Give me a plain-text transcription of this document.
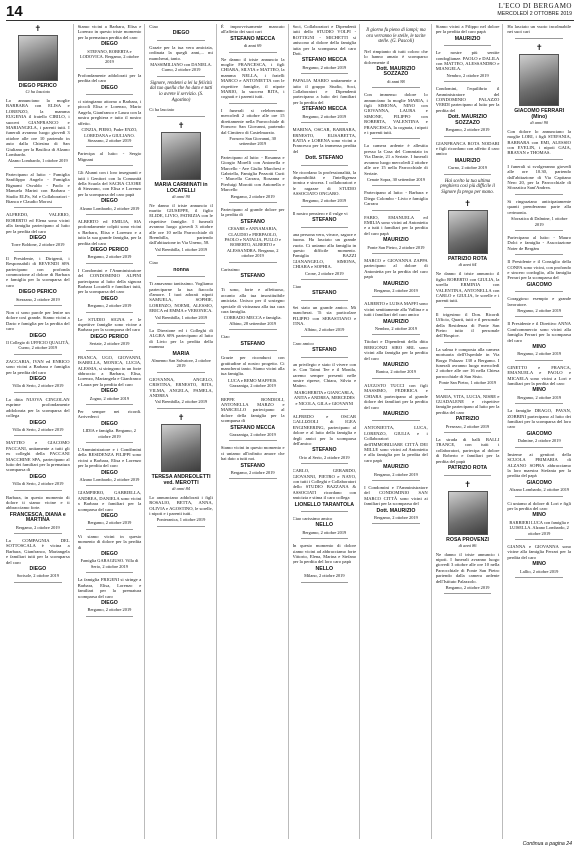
14	L'ECO DI BERGAMO
MERCOLEDÌ 2 OTTOBRE 2019
✝
DIEGO PERICO
Ci ha lasciato
Lo annunciano la moglie BARBARA con ELISA e LORENZO, la mamma EUGENIA il fratello CIRILO, i suoceri GIANFRANCO e MARIANGELA, i parenti tutti. I funerali avranno luogo giovedì 3 ottobre alle ore 10 partendo in auto dalla Chiesina di San Giuliano per la Basilica di Alzano Lombardo.
Alzano Lombardo, 1 ottobre 2019
Partecipano al lutto: - Famiglia Sanfilippo Angelo - Famiglia Bignami Osvaldo - Paolo e Manuela Marini con Barbara - Studio ELPa, Srl e Collaboratori - Bianca e Claudio Morosi
ALFREDO, VALERIO, ROBERTO ed Elena sono vicini alla famiglia partecipano al lutto per la perdita del caro
DIEGO
Torre Boldone, 2 ottobre 2019
Il Presidente, i Dirigenti, i Responsabili di REVENDI SPA partecipano con profonda commozione al dolore di Barbara e famiglia per la scomparsa del caro
DIEGO PERICO
Stezzano, 2 ottobre 2019
Non ci sono parole per lenire un dolore così grande. Siamo vicini a Dario e famiglia per la perdita del caro
DIEGO
Il Collegio di UFFICIO QUALITÀ, Curno, 2 ottobre 2019
ZACCARIA, IVAN ed ENRICO sono vicini a Barbara e famiglia per la perdita del caro
DIEGO
Villa di Serio, 2 ottobre 2019
La ditta NUOVA CINGOLAN esprime profondamente addolorata per la scomparsa del collega
DIEGO
Villa di Serio, 2 ottobre 2019
MATTEO e GIACOMO PACCANI, unitamente a tutti gli ex colleghi della PACCANI MACCHINE SPA, partecipano al lutto dei familiari per la prematura scomparsa di
DIEGO
Villa di Serio, 2 ottobre 2019
Barbara, in questo momento di dolore ti siamo vicine e ti abbracciamo forte.
FRANCESCA, DIANA e MARTINA
Bergamo, 2 ottobre 2019
La COMPAGNIA DEL SOTTOSCALA è vicina a Barbara, Gianfranco, Mariangela e familiari tutti per la scomparsa del caro
DIEGO
Sorisole, 2 ottobre 2019
Siamo vicini a Barbara, Elisa e Lorenzo in questo triste momento per la prematura perdita del caro
DIEGO
STEFANO, ROBERTA e LODOVICA. Bergamo, 2 ottobre 2019
Profondamente addolorati per la perdita del caro
DIEGO
ci stringiamo attorno a Barbara, i piccoli Elisa e Lorenzo, Mario Angela, Gianfranco e Laura con la nostra preghiera e tutto il nostro affetto.
CINZIA, PIERO, Padre ENZO, LOREDANA e GIULIANO. Stezzano, 2 ottobre 2019
Partecipa al lutto: - Sergio Mignani
Gli Alunni con i loro insegnanti e tutti i Genitori con la Comunità della Scuola del SACRA CUORE di Stezzano, con Elisa e Lorenzo per la scomparsa del caro papà
DIEGO
Alzano Lombardo, 2 ottobre 2019
ALBERTO ed EMILIA, SIA profondamente colpiti sono vicini a Barbara, Elisa e Lorenzo e a tutta la sua grande famiglia, per la perdita del caro
DIEGO PERICO
Bergamo, 2 ottobre 2019
I Condomini e l'Amministratore del CONDOMINIO ALPINI partecipano al lutto della signora Barbara Locatelli e familiari tutti, per la scomparsa del caro
DIEGO
Bergamo, 2 ottobre 2019
Le STUDIO SIGNA e le rispettive famiglie sono vicine a Barbara per la scomparsa del caro
DIEGO PERICO
Seriate, 2 ottobre 2019
FRANCA, UGO, GIOVANNI, ISABELLA, MONICA, LUCIA, ALESSIA, si stringono in un forte abbraccio a Barbara, Elisa, Lorenzo, Mariangela e Gianfranco e Laura per la perdita del caro
DIEGO
Zogno, 2 ottobre 2019
Per sempre nei ricordi. Arrivederci
DIEGO
LIDIA e famiglia. Bergamo, 2 ottobre 2019
L'Amministratore e i Condòmini della RESIDENZA FILIPPI sono vicini a Barbara, Elisa e Lorenzo per la perdita del caro
DIEGO
Alzano Lombardo, 2 ottobre 2019
GIAMPIERO, GABRIELLA, ANDREA, DANIELA sono vicini a Barbara e familiari per la scomparsa del caro
DIEGO
Bergamo, 2 ottobre 2019
Vi siamo vicini in questo momento di dolore per la perdita di
DIEGO
Famiglia GARAGIUSO. Villa di Serio, 2 ottobre 2019
La famiglia FRIGENI si stringe a Barbara, Elisa, Lorenzo e familiari per la prematura scomparsa del caro
DIEGO
Bergamo, 2 ottobre 2019
Ciao
DIEGO
Grazie per la tua vera amicizia, ordinata la quegli anni,... mi mancherai, tanto.
MASSIMILIANO con DANIELA. Curno, 2 ottobre 2019
Signore, rendetei a lei la felicità dal tuo quella che ho dato e tutti io avrete il servizio. (S. Agostino)
Ci ha lasciato
✝
MARIA CARMINATI in LOCATELLI
di anni 90
Ne danno il triste annuncio il marito GIUSEPPE, il figlio ELIDE, LIVIO, PATRIZIA con le rispettive famiglie. I funerali avranno luogo giovedì 3 ottobre alle ore 10 nella Parrocchiale di Brembilla, partendo dall'abitazione in Via Uneno, 58.
Val Brembilla, 1 ottobre 2019
Ciao
nonna
Ti amavamo tantissimo. Vogliamo parteciparne la tua fiaccola d'amore. I tuoi adorati nipoti SAMUELA, SOPHIE, LORENZO, NOEMI, ALESSIO, ERICA ed EMMA e VERONICA.
Val Brembilla, 1 ottobre 2019
La Direzione ed i Colleghi di ALGRA SPA partecipano al lutto di Livio per la perdita della mamma
MARIA
Almenno San Salvatore, 2 ottobre 2019
GIOVANNA, ANGELO, CRISTINA, ERNESTO, RITA, VILMA, ANGELA, PAMELA, ANDREA
Val Brembilla, 2 ottobre 2019
✝
TERESA ANDREOLETTI ved. MEROTTI
di anni 84
Lo annunciano addolorati i figli ROSALIO, BETTA, ANNA, OLIVIA e AGOSTINO, le sorelle, i nipoti e i parenti tutti.
Ponteranica, 1 ottobre 2019
È improvvisamente mancato all'affetto dei suoi cari
STEFANO MECCA
di anni 69
Ne danno il triste annuncio la moglie FRANCESCA, i figli CHIARA, SILVIA e MATTEO, la mamma NELLA, i fratelli MARCO e ANTONIETTA con le rispettive famiglie, il nipote MARIO, la suocera RITA, i cognati e i parenti tutti.
I funerali si celebreranno mercoledì 2 ottobre alle ore 15 direttamente nella Parrocchiale di Fornovo San Giovanni, partendo dal Cimitero di Castelmarzio.
Fornovo San Giovanni, 30 settembre 2019
Partecipano al lutto: - Rosanna e Giorgio Morelli con Antonella e Marcello - Ave Giulio Marchesi e Gabriella, Famiglia Pezzotti Curti - Marcella Carrara, Rosanna e Pierluigi Morotti con Antonella e Marcello
Bergamo, 2 ottobre 2019
Partecipano al grande dolore per la perdita di
STEFANO
CESARE e ANNAMARIA, CLAUDIO e PIERPAOLO, PAOLO e NATALIA, FULLO e ROBERTO, ALBERTO e ALESSANDRA. Bergamo, 2 ottobre 2019
Carissimo
STEFANO
Ti sono, forte e affettuoso, accanto alla tua insostituibile amicizia. Unisco per il sostegno speciale di vicinanza alla tua cara cara famiglia.
CORRADO MECCA e famiglia. Albino, 28 settembre 2019
Ciao
STEFANO
Grazie per ricondurci con gratitudine al nostro progetto. Ci mancherai tanto. Siamo vicini alla tua famiglia.
LUCA e REMO MAFFEIS. Gazzaniga, 2 ottobre 2019
BEPPE BONDIOLI, ANTONELLA MARZO e MARCELLO partecipano al dolore della famiglia per la scomparsa di
STEFANO MECCA
Gazzaniga, 2 ottobre 2019
Siamo vicini in questo momento e ci uniamo all'infinito amore che hai dato a tutti noi.
STEFANO
Bergamo, 2 ottobre 2019
Soci, Collaboratori e Dipendenti tutti dello STUDIO VOLPI - ROTTIGNI - MICHETTI si uniscono al dolore della famiglia tutta per la scomparsa del caro Dott.
STEFANO MECCA
Bergamo, 2 ottobre 2019
PAPALIA MARIO unitamente a tutto il gruppo Studio, Soci, Collaboratori e Dipendenti partecipano a lutto dei familiari per la perdita del
STEFANO MECCA
Bergamo, 2 ottobre 2019
MARINA, OSCAR, BARBARA, ERNESTO, ELISABETTA, KATIA e LORENA sono vicini a Francesca per la immensa perdita del
Dott. STEFANO
Ne ricordano la professionalità, la disponibilità e l'intelligenza ironica e sincera. I collaboratori e le ragazze di STUDIO ASSOCIATO ONGARO.
Bergamo, 2 ottobre 2019
Il nostro pensiero e il vulge vi
STEFANO
una persona vera, vivace, sagace e buona. Ha lasciato un grande vuoto. Ci uniamo alla famiglia in questo difficile momento. Famiglia BAZZI GIANANGELO, SIMONA, CHIARA e SOPHIA.
Crone, 2 ottobre 2019
Ciao
STEFANO
Sei stato un grande amico. Mi mancherai. Ti sia particolare FILIPPO con SEBASTIANO e TINA.
Albino, 2 ottobre 2019
Caro amico
STEFANO
un privilegio e stato il vivere con te. Con Taimi Tee e il Monila, saremo sempre presenti nelle nostre riprese, Chiara, Silvia e Matteo.
MARGHERITA e GIANCARLA, ANITA e ANDREA, MERCEDES e NICOLA, GILA e GIOVANNI
ALFREDO e OSCAR GALLIZIOLI di IGEA ENGINEERING, partecipano al dolore e al lutto della famiglia e degli amici per la scomparsa dell'amico
STEFANO
Orio al Serio, 2 ottobre 2019
CARLO, GERARDO, GIOVANNI, PIETRO e NAYO, con tutti i Colleghi e Collaboratori dello STUDIO BAZZANA & ASSOCIATI ricordano con amicizia e stima il caro collega
LIONELLO TARANTOLA
Ciao carissimo amico
NELLO
Bergamo, 2 ottobre 2019
In questo momento di dolore siamo vicini ad abbracciamo forte Vittorio, Elena, Marina e Stefano per la perdita del loro caro papà
NELLO
Milano, 2 ottobre 2019
Il giorno fu pieno di lampi; ma ora verranno le stelle, le tacite stelle. (G. Pascoli)
Nel rimpianto di tutti coloro che lo hanno amato è scomparso dolcemente il
Dott. MAURIZIO SOZZAZO
di anni 88
Con immenso dolore lo annunciano la moglie MARIA, i figli SIMONA, NINO con GIOVANNA, LAURA e SIMONE, FILIPPO con ROBERTA, VALENTINA e FRANCESCA, la cognata, i nipoti e i parenti tutti.
La camera ardente è allestita presso la Casa del Commiato in Via Dante, 21 a Seriate. I funerali avranno luogo mercoledì 2 ottobre alle ore 15 nella Parrocchiale di Seriate.
Cenate Sopra, 30 settembre 2019
Partecipano al lutto: - Barbara e Diego Colombo - Livio e famiglia Carrara
FABIO, EMANUELA ed EMILIA sono vicini ad Antonietta e a tutti i familiari per la perdita del caro papà
MAURIZIO
Ponte San Pietro, 2 ottobre 2019
MARCO e GIOVANNA ZAPPA partecipano al dolore di Antonietta per la perdita del caro papà
MAURIZIO
Bergamo, 2 ottobre 2019
ALBERTO e LUISA MAFFI sono vicini sentitamente alla Vallina e a tutti i familiari del caro amico
MAURIZIO
Nembro, 2 ottobre 2019
Titolari e Dipendenti della ditta BERGONZI SIRO SRL sono vicini alla famiglia per la perdita del caro
MAURIZIO
Ranica, 2 ottobre 2019
AUGUSTO TUCCI con figli MASSIMO, FEDERICA e CHIARA partecipano al grande dolore dei familiari per la perdita del caro
MAURIZIO
ANTONIETTA, LUCA, LORENZO, GIULIA e i Collaboratori dell'IMMOBILIARE CITTÀ DEI MILLE sono vicini ad Antonietta e alla famiglia per la perdita del caro papà
MAURIZIO
Bergamo, 2 ottobre 2019
I Condomini e l'Amministratore del CONDOMINIO SAN MARCO CITTÀ sono vicini ai familiari per la scomparsa del
Dott. MAURIZIO
Bergamo, 2 ottobre 2019
Siamo vicini a Filippo nel dolore per la perdita del caro papà
MAURIZIO
Le nostre più sentite condoglianze. PAOLO e DALILA con MATTEO, ALESSANDRO e MIANGELA.
Nembro, 2 ottobre 2019
Condomini, l'equilibrio il Amministratore del CONDOMINIO PALAZZO VERDI partecipano al lutto per la perdita del
Dott. MAURIZIO SOZZAZO
Bergamo, 2 ottobre 2019
GIANFRANCA ROTA NODARI e figli ricordano con affetto il caro amico
MAURIZIO
Curno, 2 ottobre 2019
Hai scelto la tua ultima preghiera cosi più difficile il Signore fa prego per mano.
✝
PATRIZIO ROTA
di anni 64
Ne danno il triste annuncio il figlio ROBERTO con GIULIA, la sorella ERMINIA con VALENTINA, ANTONELLA con CARLO e GIULIA, le sorelle e i parenti tutti.
Il trigesimo il Don. Ricordi Ufficio, Quarti, tutti e il personale della Residenza di Ponte San Pietro tutto il personale dell'Hospice.
La salma è composta alla camera mortuaria dell'Ospedale in Via Borgo Palazzo 130 a Bergamo. I funerali avranno luogo mercoledì 2 ottobre alle ore 16 nella Chiesa parrocchiale di San Sisto.
Ponte San Pietro, 1 ottobre 2019
MARIA, VITA, LUCIA, NISRE e GUADALENE e rispettive famiglie partecipano al lutto per la perdita del caro
PATRIZIO
Presezzo, 2 ottobre 2019
La strada di balli BALLI TRANCE, con tutti i collaboratori, partecipa al dolore di Roberto e familiari per la perdita del papà
PATRIZIO ROTA
✝
ROSA PROVENZI
di anni 86
Ne danno il triste annuncio i nipoti. I funerali avranno luogo giovedì 3 ottobre alle ore 10 nella Parrocchiale di Ponte San Pietro partendo dalla camera ardente dell'Istituto Palazzolo.
Bergamo, 2 ottobre 2019
Ha lasciato un vuoto incolmabile nei suoi cari
✝
GIACOMO FERRARI (Mino)
di anni 90
Con dolore lo annunciano la moglie LORI, i figli STEFANIA, BARBARA con EMI, ALESSIO con EVELIN, i nipoti GAIA, BRAYAN e THOMAS.
I funerali si svolgeranno giovedì alle ore 10.30, partendo dall'abitazione di Via Capitano Nero 20, per la Parrocchiale di Sforzatica Sant'Andrea.
Si ringraziano anticipatamente quanti prenderanno parte alla cerimonia.
Sforzatica di Dalmine, 1 ottobre 2019
Partecipano al lutto: - Mauro Dolci e famiglia - Associazione Noter de Bergàm
Il Presidente e il Consiglio della CONFA sono vicini, con profondo e sincero cordoglio, alla famiglia Ferrari per la scomparsa del
GIACOMO
Coraggioso esempio e grande lavoratore.
Bergamo, 2 ottobre 2019
Il Presidente e il Direttivo ANNA Confcommercio sono vicini alla famiglia Ferrari per la scomparsa del caro
MINO
Bergamo, 2 ottobre 2019
GINETTO e FRANCA, EMANUELA e PAOLO e MICAELA sono vicini a Lori e familiari per la perdita del caro
MINO
Bergamo, 2 ottobre 2019
La famiglie DRAGO, PAVAN, ZOBBINI partecipano al lutto dei familiari per la scomparsa del loro caro
GIACOMO
Dalmine, 2 ottobre 2019
Insieme ai genitori della SCUOLA PRIMARIA di ALZANO SOPRA abbracciamo la loro maestra Stefania per la perdita del papà
GIACOMO
Alzano Lombardo, 2 ottobre 2019
Ci uniamo al dolore di Lori e figli per la perdita del caro
MINO
BARBIERI LUCA con famiglia e LUISELLA. Alzano Lombardo, 2 ottobre 2019
GIANNA e GIOVANNA sono vicine alla famiglia Ferrari per la perdita del caro
MINO
Lallio, 2 ottobre 2019
Continua a pagina 24
